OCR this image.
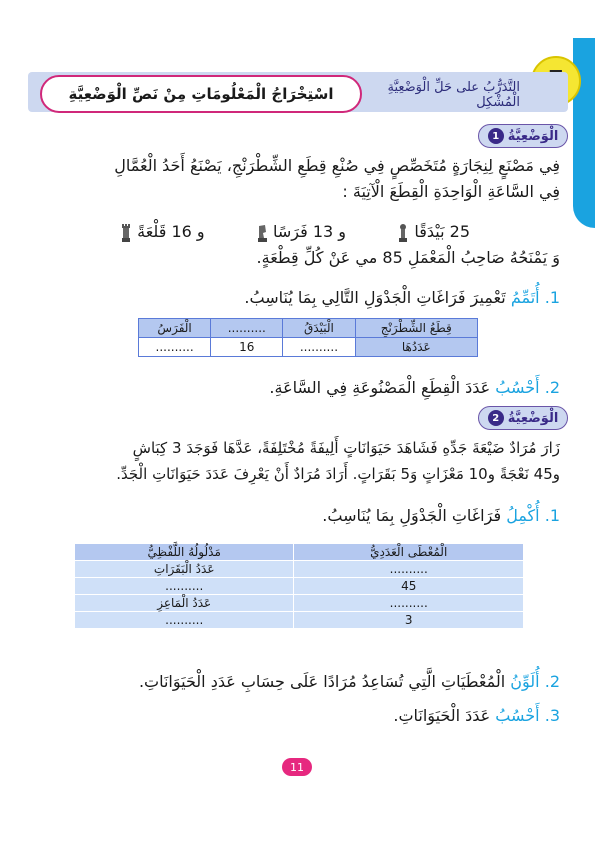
التَّدَرُّبُ على حَلِّ الْوَضْعِيَّةِ الْمُشْكِل
اسْتِخْرَاجُ الْمَعْلُومَاتِ مِنْ نَصِّ الْوَضْعِيَّةِ
الْوَضْعِيَّةُ
1
فِي مَصْنَعٍ لِنِجَارَةٍ مُتَخَصِّصٍ فِي صُنْعِ قِطَعِ الشِّطْرَنْجِ، يَصْنَعُ أَحَدُ الْعُمَّالِ
فِي السَّاعَةِ الْوَاحِدَةِ الْقِطَعَ الْآتِيَةَ :
25 بَيْدَقًا
و 13 فَرَسًا
و 16 قَلْعَةً
وَ يَمْنَحُهُ صَاحِبُ الْمَعْمَلِ 85 مي عَنْ كُلِّ قِطْعَةٍ.
1. أُتَمِّمُ تَعْمِيرَ فَرَاغَاتِ الْجَدْوَلِ التَّالِي بِمَا يُنَاسِبُ.
قِطَعُ الشِّطْرَنْجِ	الْبَيْدَقُ	..........	الْفَرَسُ
عَدَدُهَا	..........	16	..........
2. أَحْسُبُ عَدَدَ الْقِطَعِ الْمَصْنُوعَةِ فِي السَّاعَةِ.
الْوَضْعِيَّةُ
2
زَارَ مُرَادٌ ضَيْعَةَ جَدِّهِ فَشَاهَدَ حَيَوَانَاتٍ أَلِيفَةً مُخْتَلِفَةً، عَدَّهَا فَوَجَدَ 3 كِبَاشٍ
و45 نَعْجَةً و10 مَعْزَاتٍ وَ5 بَقَرَاتٍ. أَرَادَ مُرَادٌ أَنْ يَعْرِفَ عَدَدَ حَيَوَانَاتِ الْجَدِّ.
1. أُكْمِلُ فَرَاغَاتِ الْجَدْوَلِ بِمَا يُنَاسِبُ.
الْمُعْطَى الْعَدَدِيُّ	مَدْلُولُهُ اللَّفْظِيُّ
..........	عَدَدُ الْبَقَرَاتِ
45	..........
..........	عَدَدُ الْمَاعِزِ
3	..........
2. أُلَوِّنُ الْمُعْطَيَاتِ الَّتِي تُسَاعِدُ مُرَادًا عَلَى حِسَابِ عَدَدِ الْحَيَوَانَاتِ.
3. أَحْسُبُ عَدَدَ الْحَيَوَانَاتِ.
11
